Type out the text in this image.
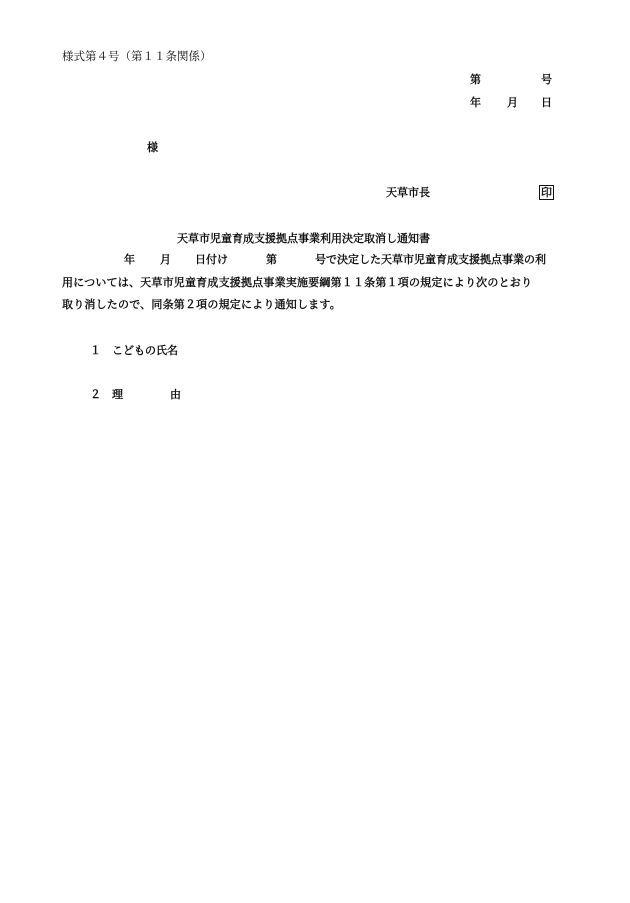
様式第４号（第１１条関係）
第	号
年 月 日
様
天草市長	印
天草市児童育成支援拠点事業利用決定取消し通知書
年 月 日付け	第	号で決定した天草市児童育成支援拠点事業の利
用については、天草市児童育成支援拠点事業実施要綱第１１条第１項の規定により次のとおり
取り消したので、同条第２項の規定により通知します。
１ こどもの氏名
２ 理	由
